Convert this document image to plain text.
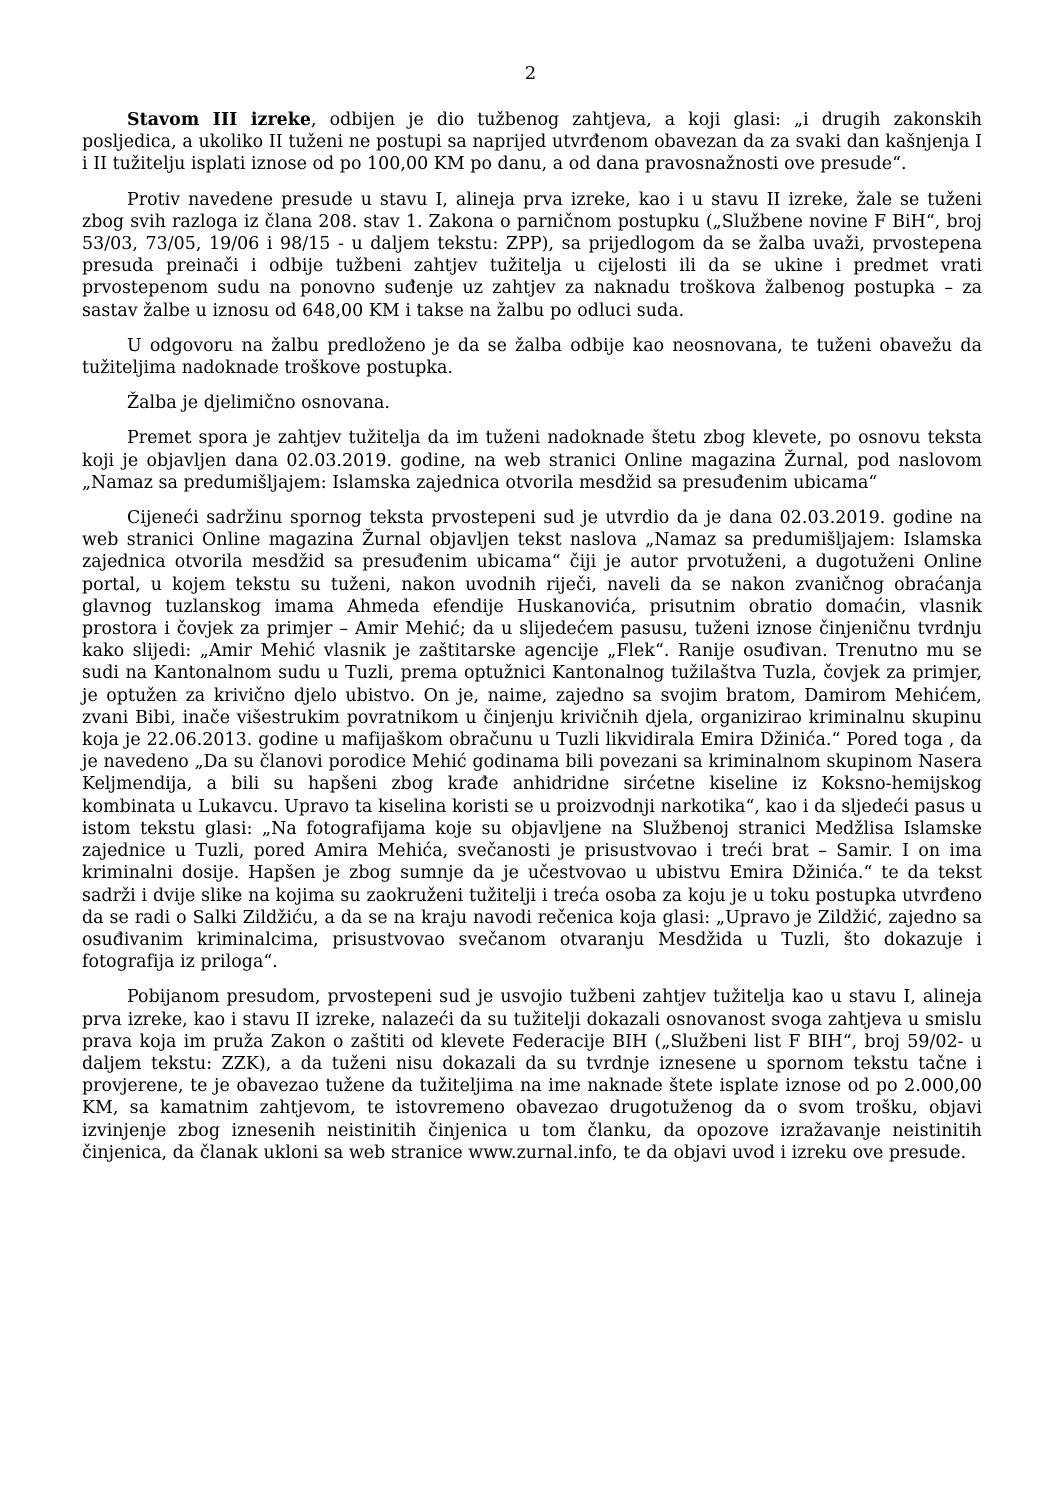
2

Stavom III izreke, odbijen je dio tužbenog zahtjeva, a koji glasi: „i drugih zakonskih posljedica, a ukoliko II tuženi ne postupi sa naprijed utvrđenom obavezan da za svaki dan kašnjenja I i II tužitelju isplati iznose od po 100,00 KM po danu, a od dana pravosnažnosti ove presude“.

Protiv navedene presude u stavu I, alineja prva izreke, kao i u stavu II izreke, žale se tuženi zbog svih razloga iz člana 208. stav 1. Zakona o parničnom postupku („Službene novine F BiH“, broj 53/03, 73/05, 19/06 i 98/15 - u daljem tekstu: ZPP), sa prijedlogom da se žalba uvaži, prvostepena presuda preinači i odbije tužbeni zahtjev tužitelja u cijelosti ili da se ukine i predmet vrati prvostepenom sudu na ponovno suđenje uz zahtjev za naknadu troškova žalbenog postupka – za sastav žalbe u iznosu od 648,00 KM i takse na žalbu po odluci suda.

U odgovoru na žalbu predloženo je da se žalba odbije kao neosnovana, te tuženi obavežu da tužiteljima nadoknade troškove postupka.

Žalba je djelimično osnovana.

Premet spora je zahtjev tužitelja da im tuženi nadoknade štetu zbog klevete, po osnovu teksta koji je objavljen dana 02.03.2019. godine, na web stranici Online magazina Žurnal, pod naslovom „Namaz sa predumišljajem: Islamska zajednica otvorila mesdžid sa presuđenim ubicama“

Cijeneći sadržinu spornog teksta prvostepeni sud je utvrdio da je dana 02.03.2019. godine na web stranici Online magazina Žurnal objavljen tekst naslova „Namaz sa predumišljajem: Islamska zajednica otvorila mesdžid sa presuđenim ubicama“ čiji je autor prvotuženi, a dugotuženi Online portal, u kojem tekstu su tuženi, nakon uvodnih riječi, naveli da se nakon zvaničnog obraćanja glavnog tuzlanskog imama Ahmeda efendije Huskanovića, prisutnim obratio domaćin, vlasnik prostora i čovjek za primjer – Amir Mehić; da u slijedećem pasusu, tuženi iznose činjeničnu tvrdnju kako slijedi: „Amir Mehić vlasnik je zaštitarske agencije „Flek“. Ranije osuđivan. Trenutno mu se sudi na Kantonalnom sudu u Tuzli, prema optužnici Kantonalnog tužilaštva Tuzla, čovjek za primjer, je optužen za krivično djelo ubistvo. On je, naime, zajedno sa svojim bratom, Damirom Mehićem, zvani Bibi, inače višestrukim povratnikom u činjenju krivičnih djela, organizirao kriminalnu skupinu koja je 22.06.2013. godine u mafijaškom obračunu u Tuzli likvidirala Emira Džinića.“ Pored toga , da je navedeno „Da su članovi porodice Mehić godinama bili povezani sa kriminalnom skupinom Nasera Keljmendija, a bili su hapšeni zbog krađe anhidridne sirćetne kiseline iz Koksno-hemijskog kombinata u Lukavcu. Upravo ta kiselina koristi se u proizvodnji narkotika“, kao i da sljedeći pasus u istom tekstu glasi: „Na fotografijama koje su objavljene na Službenoj stranici Medžlisa Islamske zajednice u Tuzli, pored Amira Mehića, svečanosti je prisustvovao i treći brat – Samir. I on ima kriminalni dosije. Hapšen je zbog sumnje da je učestvovao u ubistvu Emira Džinića.“ te da tekst sadrži i dvije slike na kojima su zaokruženi tužitelji i treća osoba za koju je u toku postupka utvrđeno da se radi o Salki Zildžiću, a da se na kraju navodi rečenica koja glasi: „Upravo je Zildžić, zajedno sa osuđivanim kriminalcima, prisustvovao svečanom otvaranju Mesdžida u Tuzli, što dokazuje i fotografija iz priloga“.

Pobijanom presudom, prvostepeni sud je usvojio tužbeni zahtjev tužitelja kao u stavu I, alineja prva izreke, kao i stavu II izreke, nalazeći da su tužitelji dokazali osnovanost svoga zahtjeva u smislu prava koja im pruža Zakon o zaštiti od klevete Federacije BIH („Službeni list F BIH“, broj 59/02- u daljem tekstu: ZZK), a da tuženi nisu dokazali da su tvrdnje iznesene u spornom tekstu tačne i provjerene, te je obavezao tužene da tužiteljima na ime naknade štete isplate iznose od po 2.000,00 KM, sa kamatnim zahtjevom, te istovremeno obavezao drugotuženog da o svom trošku, objavi izvinjenje zbog iznesenih neistinitih činjenica u tom članku, da opozove izražavanje neistinitih činjenica, da članak ukloni sa web stranice www.zurnal.info, te da objavi uvod i izreku ove presude.
